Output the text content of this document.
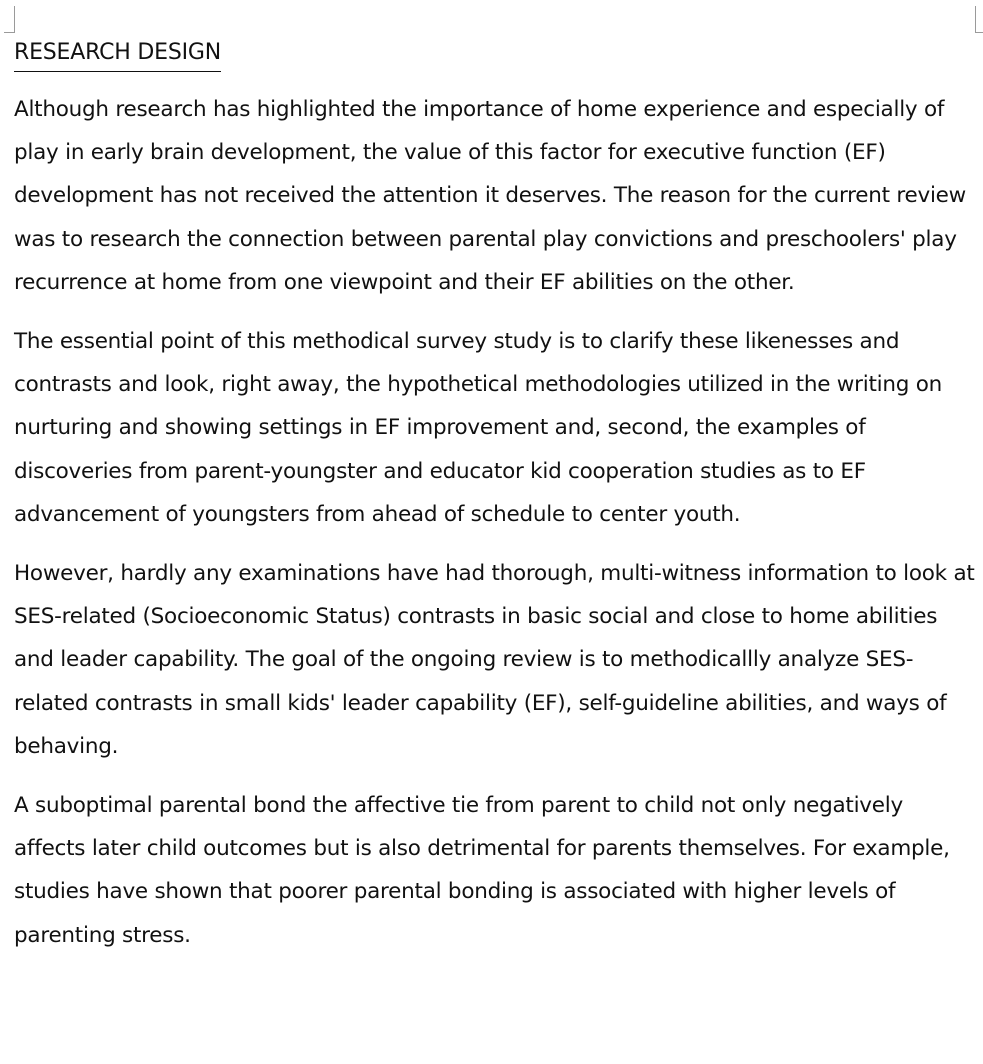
RESEARCH DESIGN

Although research has highlighted the importance of home experience and especially of play in early brain development, the value of this factor for executive function (EF) development has not received the attention it deserves. The reason for the current review was to research the connection between parental play convictions and preschoolers' play recurrence at home from one viewpoint and their EF abilities on the other.

The essential point of this methodical survey study is to clarify these likenesses and contrasts and look, right away, the hypothetical methodologies utilized in the writing on nurturing and showing settings in EF improvement and, second, the examples of discoveries from parent-youngster and educator kid cooperation studies as to EF advancement of youngsters from ahead of schedule to center youth.

However, hardly any examinations have had thorough, multi-witness information to look at SES-related (Socioeconomic Status) contrasts in basic social and close to home abilities and leader capability. The goal of the ongoing review is to methodicallly analyze SES-related contrasts in small kids' leader capability (EF), self-guideline abilities, and ways of behaving.

A suboptimal parental bond the affective tie from parent to child not only negatively affects later child outcomes but is also detrimental for parents themselves. For example, studies have shown that poorer parental bonding is associated with higher levels of parenting stress.
